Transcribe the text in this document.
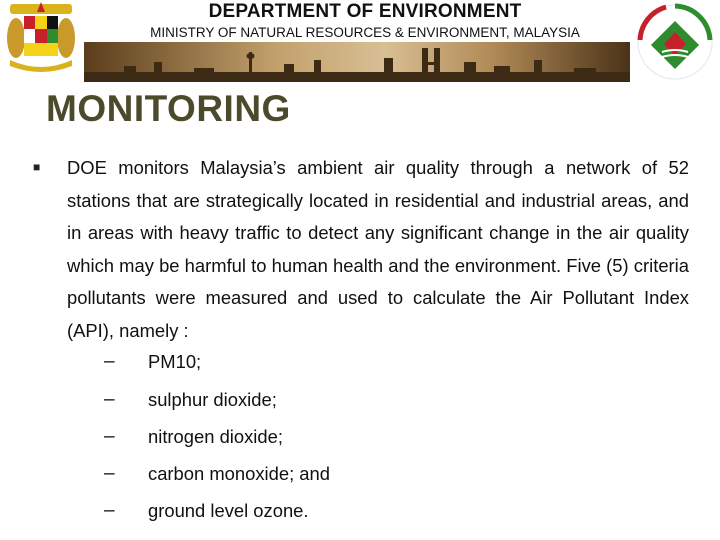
DEPARTMENT OF ENVIRONMENT
MINISTRY OF NATURAL RESOURCES & ENVIRONMENT, MALAYSIA
MONITORING
■ DOE monitors Malaysia’s ambient air quality through a network of 52 stations that are strategically located in residential and industrial areas, and in areas with heavy traffic to detect any significant change in the air quality which may be harmful to human health and the environment. Five (5) criteria pollutants were measured and used to calculate the Air Pollutant Index (API), namely :
– PM10;
– sulphur dioxide;
– nitrogen dioxide;
– carbon monoxide; and
– ground level ozone.
